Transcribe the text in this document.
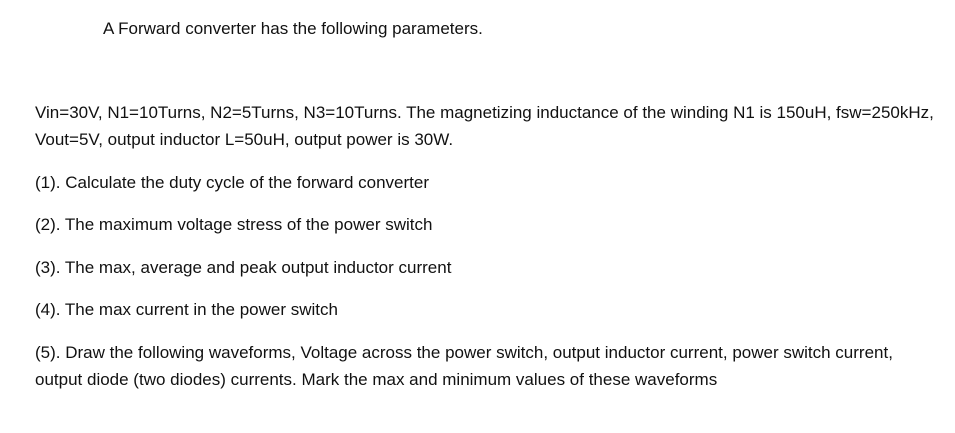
A Forward converter has the following parameters.

Vin=30V, N1=10Turns, N2=5Turns, N3=10Turns. The magnetizing inductance of the winding N1 is 150uH, fsw=250kHz, Vout=5V, output inductor L=50uH, output power is 30W.

(1). Calculate the duty cycle of the forward converter

(2). The maximum voltage stress of the power switch

(3). The max, average and peak output inductor current

(4). The max current in the power switch

(5). Draw the following waveforms, Voltage across the power switch, output inductor current, power switch current, output diode (two diodes) currents. Mark the max and minimum values of these waveforms
